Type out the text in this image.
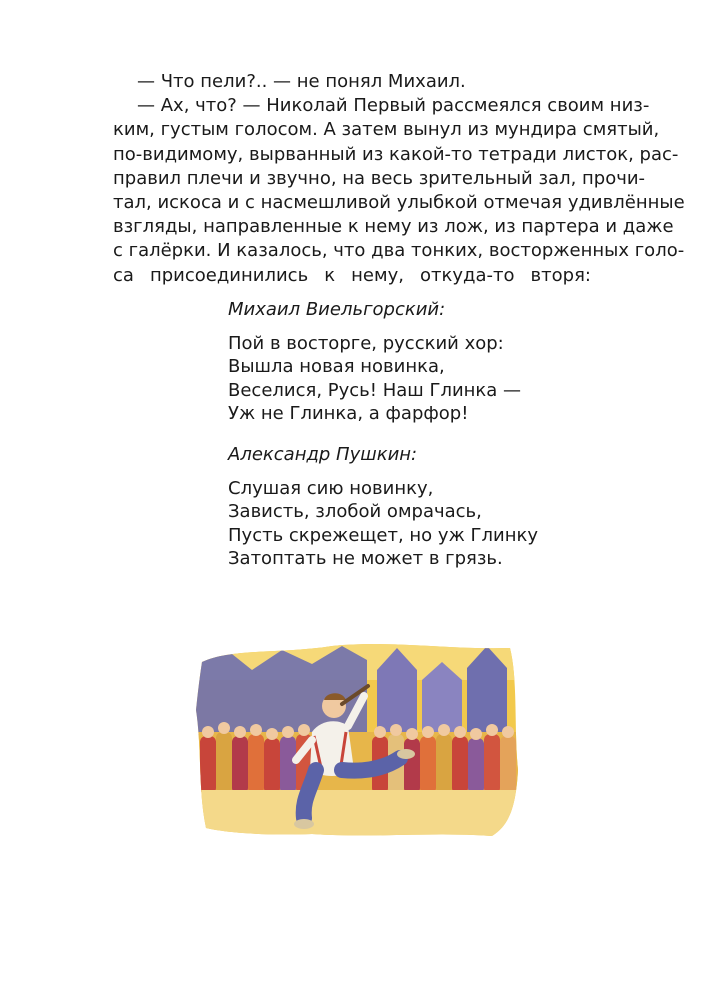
— Что пели?.. — не понял Михаил.
— Ах, что? — Николай Первый рассмеялся своим низ-
ким, густым голосом. А затем вынул из мундира смятый,
по-видимому, вырванный из какой-то тетради листок, рас-
правил плечи и звучно, на весь зрительный зал, прочи-
тал, искоса и с насмешливой улыбкой отмечая удивлённые
взгляды, направленные к нему из лож, из партера и даже
с галёрки. И казалось, что два тонких, восторженных голо-
са присоединились к нему, откуда-то вторя:
Михаил Виельгорский:
Пой в восторге, русский хор:
Вышла новая новинка,
Веселися, Русь! Наш Глинка —
Уж не Глинка, а фарфор!
Александр Пушкин:
Слушая сию новинку,
Зависть, злобой омрачась,
Пусть скрежещет, но уж Глинку
Затоптать не может в грязь.
